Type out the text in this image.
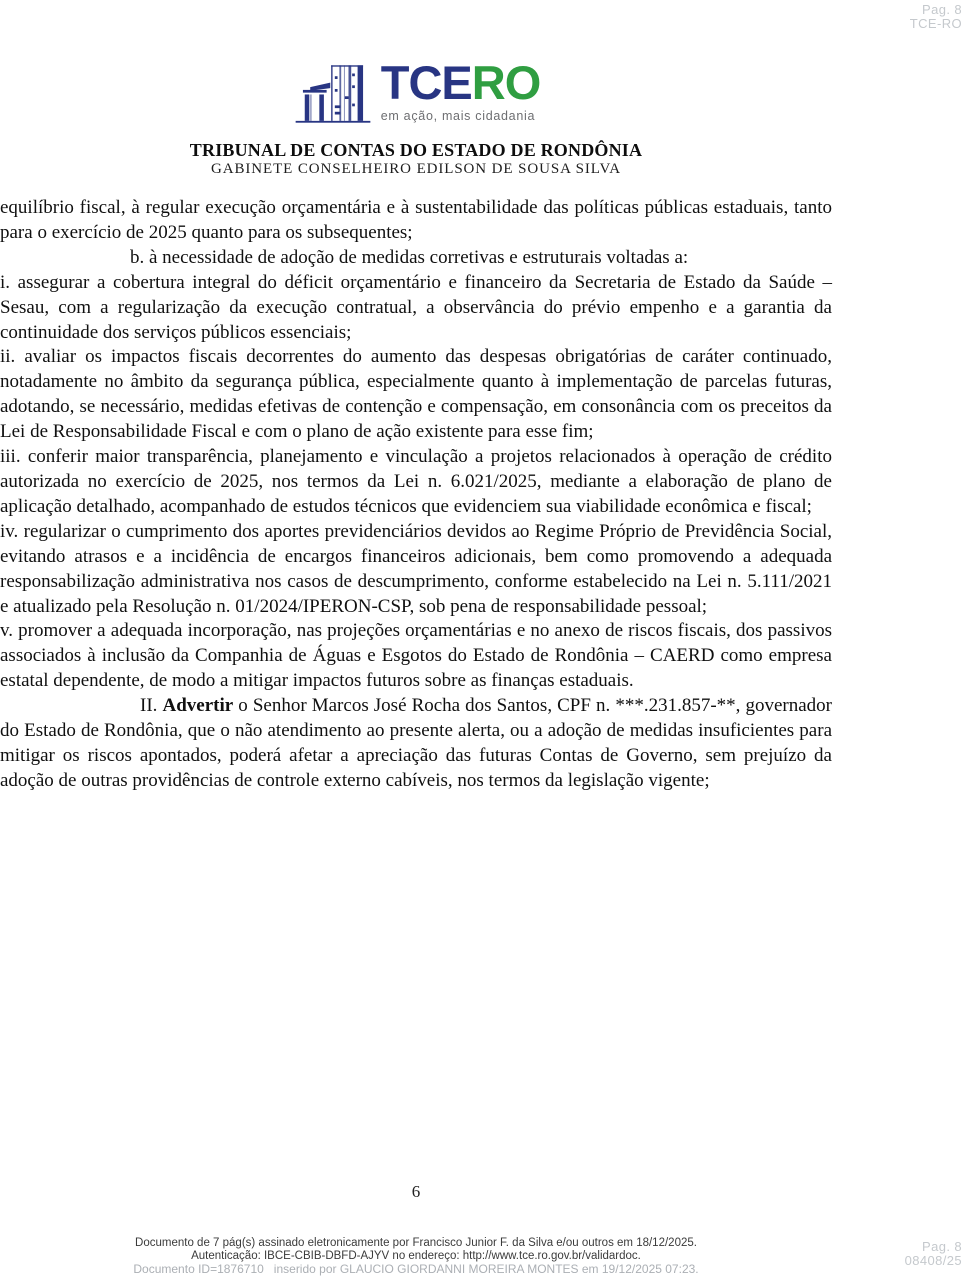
Pag. 8
TCE-RO
TCERO
em ação, mais cidadania
TRIBUNAL DE CONTAS DO ESTADO DE RONDÔNIA
GABINETE CONSELHEIRO EDILSON DE SOUSA SILVA

equilíbrio fiscal, à regular execução orçamentária e à sustentabilidade das políticas públicas estaduais, tanto para o exercício de 2025 quanto para os subsequentes;

b. à necessidade de adoção de medidas corretivas e estruturais voltadas a:

i. assegurar a cobertura integral do déficit orçamentário e financeiro da Secretaria de Estado da Saúde – Sesau, com a regularização da execução contratual, a observância do prévio empenho e a garantia da continuidade dos serviços públicos essenciais;

ii. avaliar os impactos fiscais decorrentes do aumento das despesas obrigatórias de caráter continuado, notadamente no âmbito da segurança pública, especialmente quanto à implementação de parcelas futuras, adotando, se necessário, medidas efetivas de contenção e compensação, em consonância com os preceitos da Lei de Responsabilidade Fiscal e com o plano de ação existente para esse fim;

iii. conferir maior transparência, planejamento e vinculação a projetos relacionados à operação de crédito autorizada no exercício de 2025, nos termos da Lei n. 6.021/2025, mediante a elaboração de plano de aplicação detalhado, acompanhado de estudos técnicos que evidenciem sua viabilidade econômica e fiscal;

iv. regularizar o cumprimento dos aportes previdenciários devidos ao Regime Próprio de Previdência Social, evitando atrasos e a incidência de encargos financeiros adicionais, bem como promovendo a adequada responsabilização administrativa nos casos de descumprimento, conforme estabelecido na Lei n. 5.111/2021 e atualizado pela Resolução n. 01/2024/IPERON-CSP, sob pena de responsabilidade pessoal;

v. promover a adequada incorporação, nas projeções orçamentárias e no anexo de riscos fiscais, dos passivos associados à inclusão da Companhia de Águas e Esgotos do Estado de Rondônia – CAERD como empresa estatal dependente, de modo a mitigar impactos futuros sobre as finanças estaduais.

II. Advertir o Senhor Marcos José Rocha dos Santos, CPF n. ***.231.857-**, governador do Estado de Rondônia, que o não atendimento ao presente alerta, ou a adoção de medidas insuficientes para mitigar os riscos apontados, poderá afetar a apreciação das futuras Contas de Governo, sem prejuízo da adoção de outras providências de controle externo cabíveis, nos termos da legislação vigente;

6
Documento de 7 pág(s) assinado eletronicamente por Francisco Junior F. da Silva e/ou outros em 18/12/2025.
Autenticação: IBCE-CBIB-DBFD-AJYV no endereço: http://www.tce.ro.gov.br/validardoc.
Documento ID=1876710   inserido por GLAUCIO GIORDANNI MOREIRA MONTES em 19/12/2025 07:23.
Pag. 8
08408/25
